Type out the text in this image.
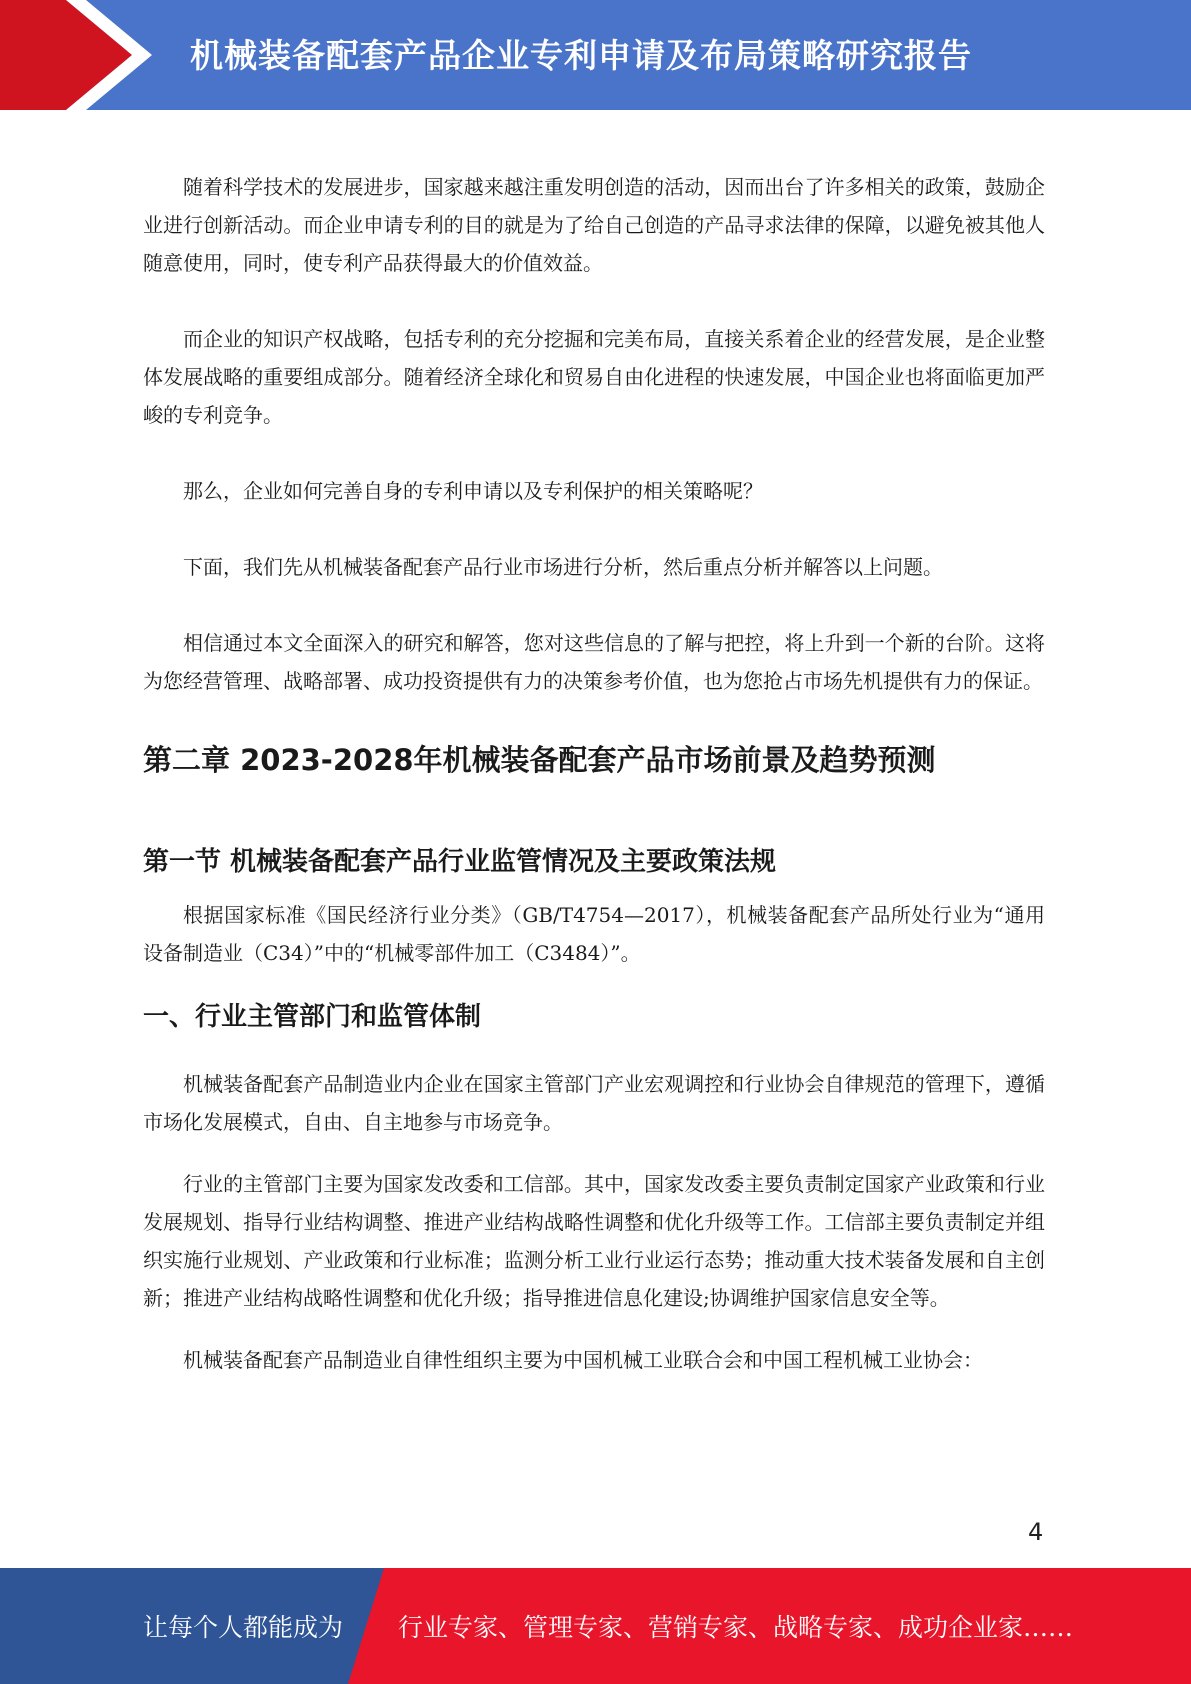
机械装备配套产品企业专利申请及布局策略研究报告

随着科学技术的发展进步，国家越来越注重发明创造的活动，因而出台了许多相关的政策，鼓励企业进行创新活动。而企业申请专利的目的就是为了给自己创造的产品寻求法律的保障，以避免被其他人随意使用，同时，使专利产品获得最大的价值效益。

而企业的知识产权战略，包括专利的充分挖掘和完美布局，直接关系着企业的经营发展，是企业整体发展战略的重要组成部分。随着经济全球化和贸易自由化进程的快速发展，中国企业也将面临更加严峻的专利竞争。

那么，企业如何完善自身的专利申请以及专利保护的相关策略呢？

下面，我们先从机械装备配套产品行业市场进行分析，然后重点分析并解答以上问题。

相信通过本文全面深入的研究和解答，您对这些信息的了解与把控，将上升到一个新的台阶。这将为您经营管理、战略部署、成功投资提供有力的决策参考价值，也为您抢占市场先机提供有力的保证。

第二章 2023-2028年机械装备配套产品市场前景及趋势预测
第一节 机械装备配套产品行业监管情况及主要政策法规

根据国家标准《国民经济行业分类》（GB/T4754—2017），机械装备配套产品所处行业为“通用设备制造业（C34）”中的“机械零部件加工（C3484）”。

一、行业主管部门和监管体制

机械装备配套产品制造业内企业在国家主管部门产业宏观调控和行业协会自律规范的管理下，遵循市场化发展模式，自由、自主地参与市场竞争。

行业的主管部门主要为国家发改委和工信部。其中，国家发改委主要负责制定国家产业政策和行业发展规划、指导行业结构调整、推进产业结构战略性调整和优化升级等工作。工信部主要负责制定并组织实施行业规划、产业政策和行业标准；监测分析工业行业运行态势；推动重大技术装备发展和自主创新；推进产业结构战略性调整和优化升级；指导推进信息化建设;协调维护国家信息安全等。

机械装备配套产品制造业自律性组织主要为中国机械工业联合会和中国工程机械工业协会：

4
让每个人都能成为 行业专家、管理专家、营销专家、战略专家、成功企业家……
